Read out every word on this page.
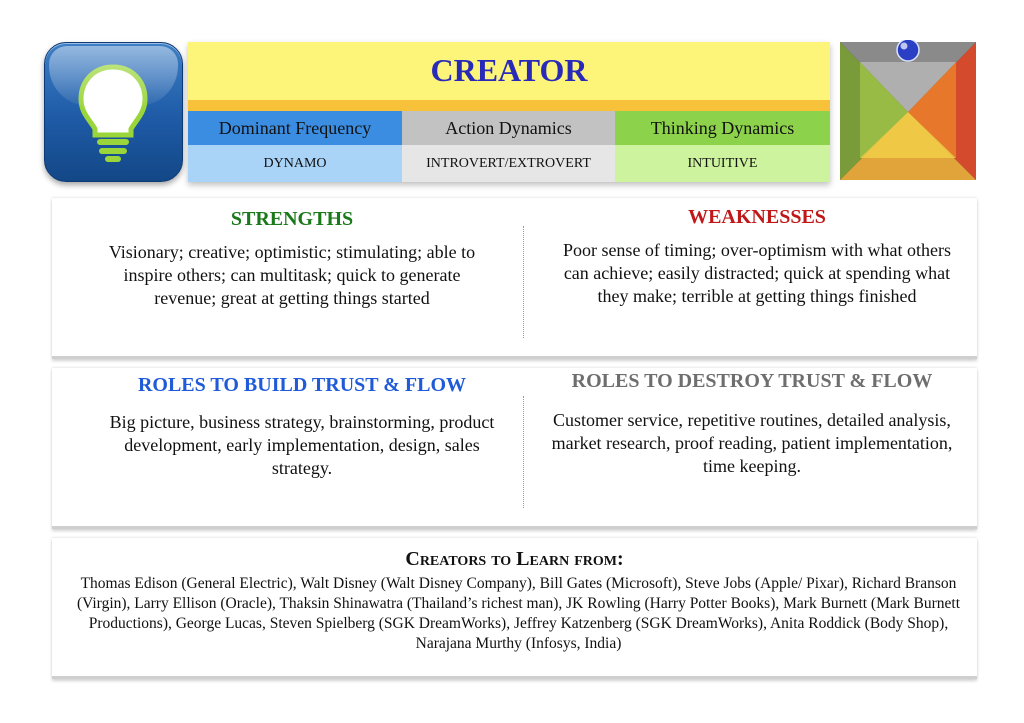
CREATOR
Dominant Frequency	Action Dynamics	Thinking Dynamics
DYNAMO	INTROVERT/EXTROVERT	INTUITIVE
STRENGTHS
Visionary; creative; optimistic; stimulating; able to inspire others; can multitask; quick to generate revenue; great at getting things started
WEAKNESSES
Poor sense of timing; over-optimism with what others can achieve; easily distracted; quick at spending what they make; terrible at getting things finished
ROLES TO BUILD TRUST & FLOW
Big picture, business strategy, brainstorming, product development, early implementation, design, sales strategy.
ROLES TO DESTROY TRUST & FLOW
Customer service, repetitive routines, detailed analysis, market research, proof reading, patient implementation, time keeping.
Creators to Learn from:
Thomas Edison (General Electric), Walt Disney (Walt Disney Company), Bill Gates (Microsoft), Steve Jobs (Apple/ Pixar), Richard Branson (Virgin), Larry Ellison (Oracle), Thaksin Shinawatra (Thailand’s richest man), JK Rowling (Harry Potter Books), Mark Burnett (Mark Burnett Productions), George Lucas, Steven Spielberg (SGK DreamWorks), Jeffrey Katzenberg (SGK DreamWorks), Anita Roddick (Body Shop), Narajana Murthy (Infosys, India)
